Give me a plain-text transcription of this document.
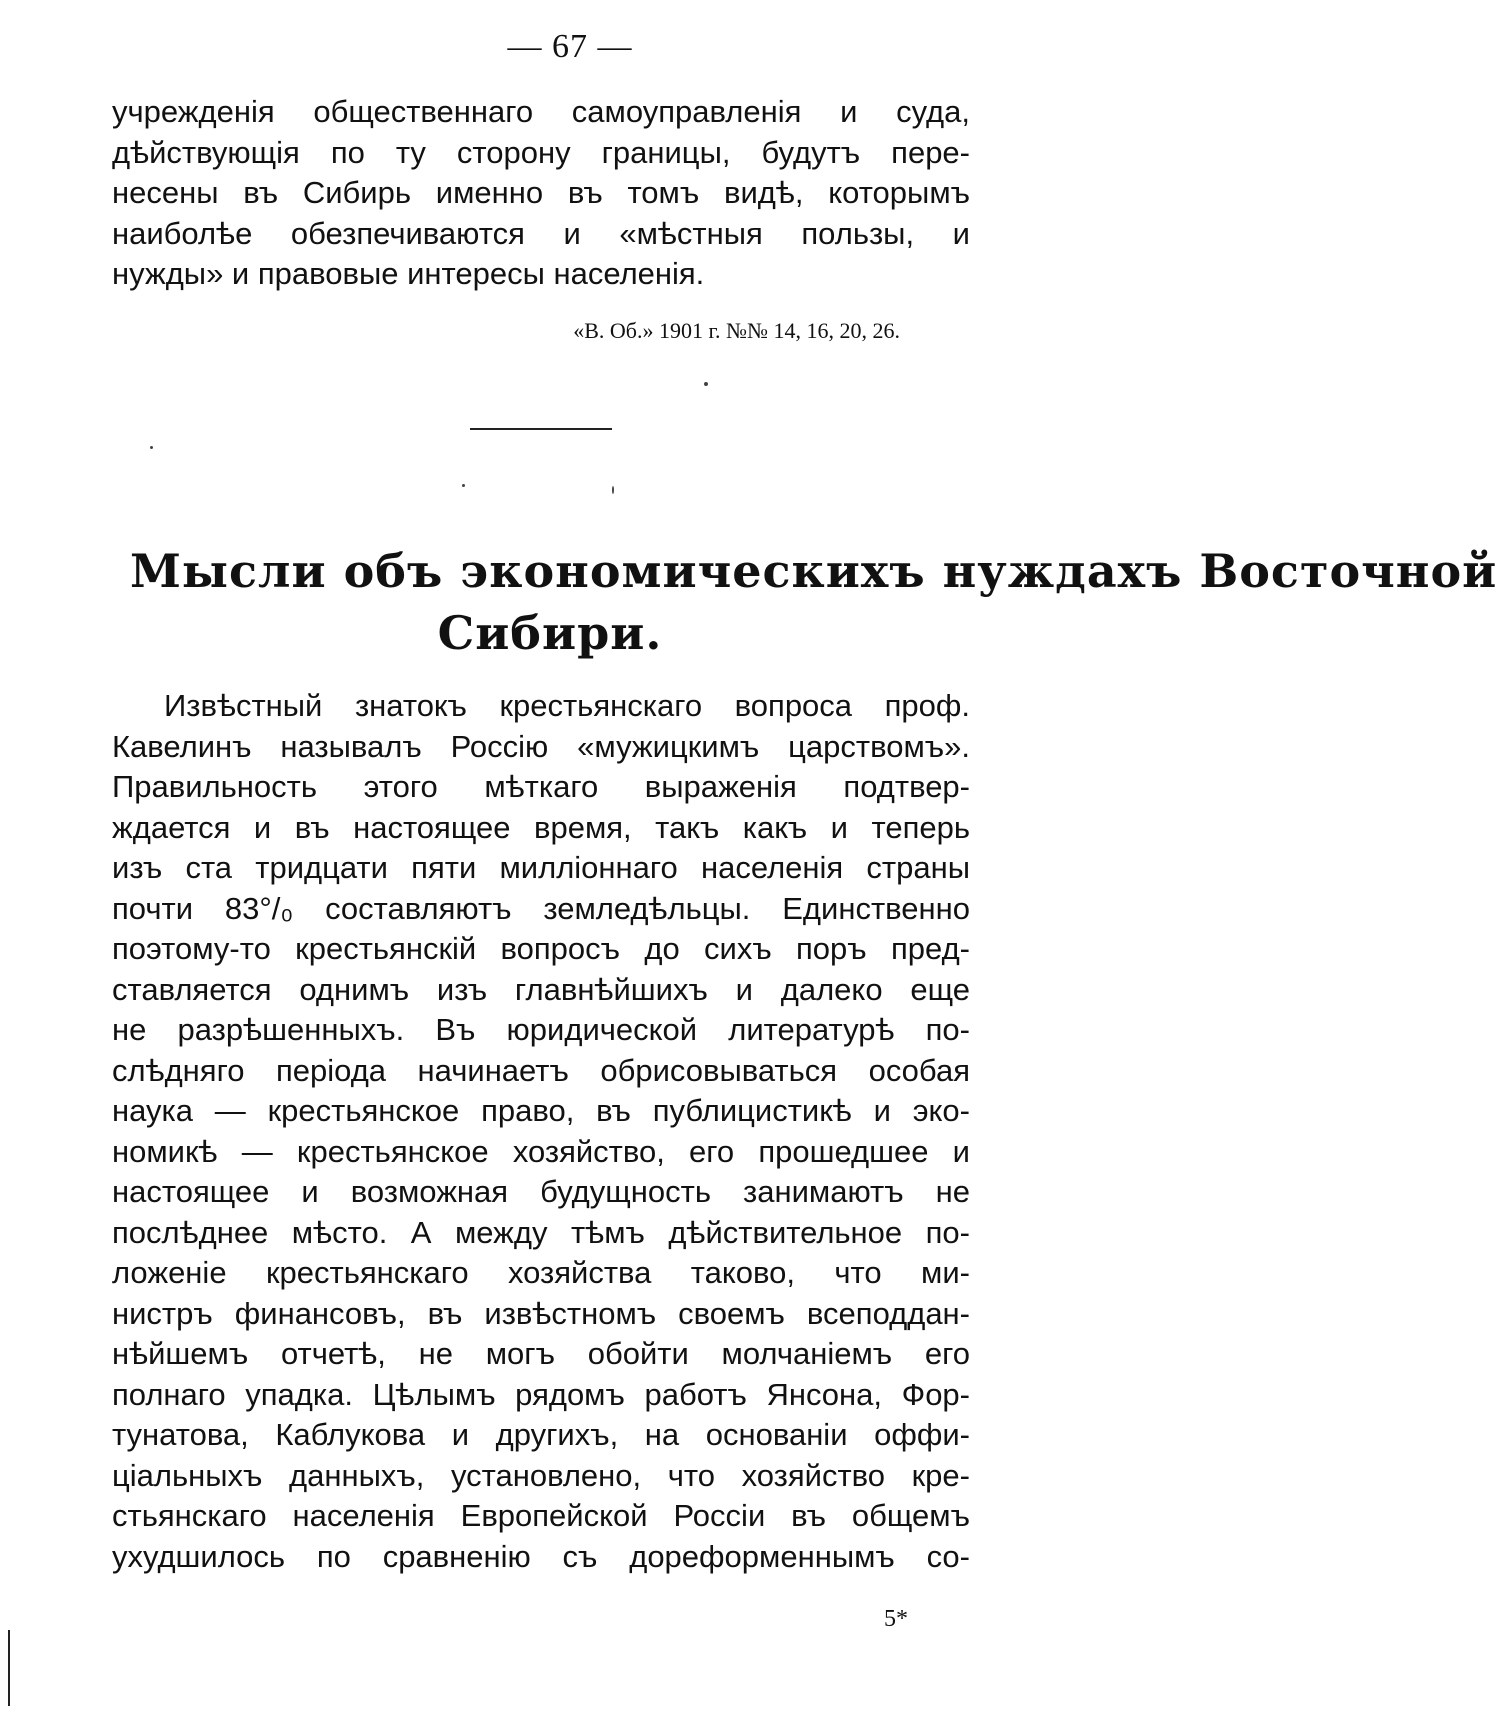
— 67 —
учрежденія общественнаго самоуправленія и суда,
дѣйствующія по ту сторону границы, будутъ пере-
несены въ Сибирь именно въ томъ видѣ, которымъ
наиболѣе обезпечиваются и «мѣстныя пользы, и
нужды» и правовые интересы населенія.
«В. Об.» 1901 г. №№ 14, 16, 20, 26.
Мысли объ экономическихъ нуждахъ Восточной
Сибири.
Извѣстный знатокъ крестьянскаго вопроса проф.
Кавелинъ называлъ Россію «мужицкимъ царствомъ».
Правильность этого мѣткаго выраженія подтвер-
ждается и въ настоящее время, такъ какъ и теперь
изъ ста тридцати пяти милліоннаго населенія страны
почти 83°/₀ составляютъ земледѣльцы. Единственно
поэтому-то крестьянскій вопросъ до сихъ поръ пред-
ставляется однимъ изъ главнѣйшихъ и далеко еще
не разрѣшенныхъ. Въ юридической литературѣ по-
слѣдняго періода начинаетъ обрисовываться особая
наука — крестьянское право, въ публицистикѣ и эко-
номикѣ — крестьянское хозяйство, его прошедшее и
настоящее и возможная будущность занимаютъ не
послѣднее мѣсто. А между тѣмъ дѣйствительное по-
ложеніе крестьянскаго хозяйства таково, что ми-
нистръ финансовъ, въ извѣстномъ своемъ всеподдан-
нѣйшемъ отчетѣ, не могъ обойти молчаніемъ его
полнаго упадка. Цѣлымъ рядомъ работъ Янсона, Фор-
тунатова, Каблукова и другихъ, на основаніи оффи-
ціальныхъ данныхъ, установлено, что хозяйство кре-
стьянскаго населенія Европейской Россіи въ общемъ
ухудшилось по сравненію съ дореформеннымъ со-
5*
